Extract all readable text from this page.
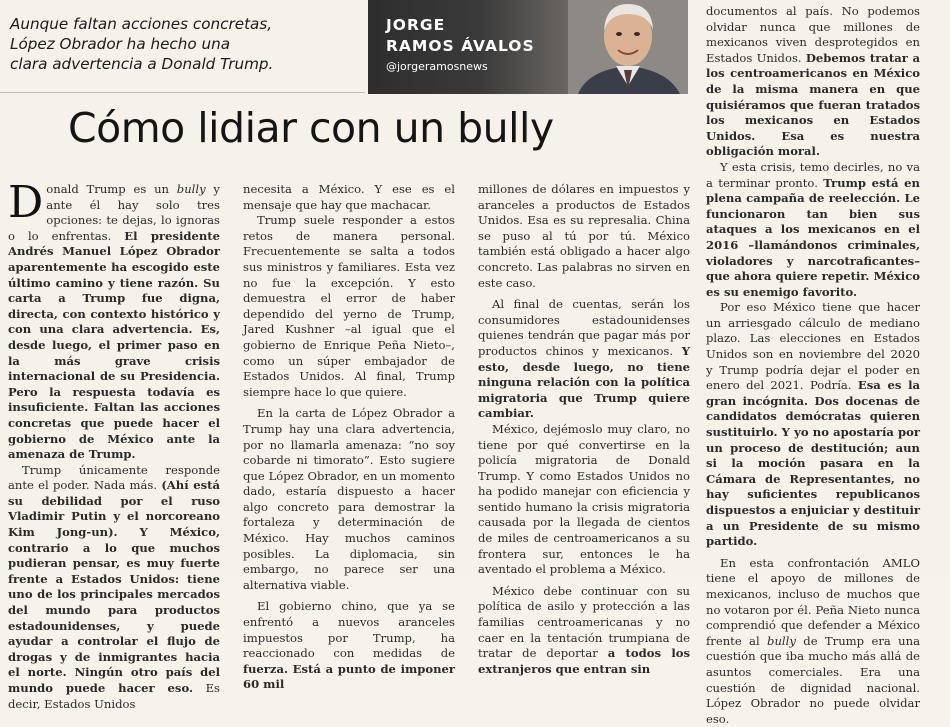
Aunque faltan acciones concretas,
López Obrador ha hecho una
clara advertencia a Donald Trump.
JORGE
RAMOS ÁVALOS
@jorgeramosnews
Cómo lidiar con un bully

Donald Trump es un bully y ante él hay solo tres opciones: te dejas, lo ignoras o lo enfrentas. El presidente Andrés Manuel López Obrador aparentemente ha escogido este último camino y tiene razón. Su carta a Trump fue digna, directa, con contexto histórico y con una clara advertencia. Es, desde luego, el primer paso en la más grave crisis internacional de su Presidencia. Pero la respuesta todavía es insuficiente. Faltan las acciones concretas que puede hacer el gobierno de México ante la amenaza de Trump.

Trump únicamente responde ante el poder. Nada más. (Ahí está su debilidad por el ruso Vladimir Putin y el norcoreano Kim Jong-un). Y México, contrario a lo que muchos pudieran pensar, es muy fuerte frente a Estados Unidos: tiene uno de los principales mercados del mundo para productos estadounidenses, y puede ayudar a controlar el flujo de drogas y de inmigrantes hacia el norte. Ningún otro país del mundo puede hacer eso. Es decir, Estados Unidos

necesita a México. Y ese es el mensaje que hay que machacar.

Trump suele responder a estos retos de manera personal. Frecuentemente se salta a todos sus ministros y familiares. Esta vez no fue la excepción. Y esto demuestra el error de haber dependido del yerno de Trump, Jared Kushner –al igual que el gobierno de Enrique Peña Nieto–, como un súper embajador de Estados Unidos. Al final, Trump siempre hace lo que quiere.

En la carta de López Obrador a Trump hay una clara advertencia, por no llamarla amenaza: “no soy cobarde ni timorato”. Esto sugiere que López Obrador, en un momento dado, estaría dispuesto a hacer algo concreto para demostrar la fortaleza y determinación de México. Hay muchos caminos posibles. La diplomacia, sin embargo, no parece ser una alternativa viable.

El gobierno chino, que ya se enfrentó a nuevos aranceles impuestos por Trump, ha reaccionado con medidas de fuerza. Está a punto de imponer 60 mil

millones de dólares en impuestos y aranceles a productos de Estados Unidos. Esa es su represalia. China se puso al tú por tú. México también está obligado a hacer algo concreto. Las palabras no sirven en este caso.

Al final de cuentas, serán los consumidores estadounidenses quienes tendrán que pagar más por productos chinos y mexicanos. Y esto, desde luego, no tiene ninguna relación con la política migratoria que Trump quiere cambiar.

México, dejémoslo muy claro, no tiene por qué convertirse en la policía migratoria de Donald Trump. Y como Estados Unidos no ha podido manejar con eficiencia y sentido humano la crisis migratoria causada por la llegada de cientos de miles de centroamericanos a su frontera sur, entonces le ha aventado el problema a México.

México debe continuar con su política de asilo y protección a las familias centroamericanas y no caer en la tentación trumpiana de tratar de deportar a todos los extranjeros que entran sin

documentos al país. No podemos olvidar nunca que millones de mexicanos viven desprotegidos en Estados Unidos. Debemos tratar a los centroamericanos en México de la misma manera en que quisiéramos que fueran tratados los mexicanos en Estados Unidos. Esa es nuestra obligación moral.

Y esta crisis, temo decirles, no va a terminar pronto. Trump está en plena campaña de reelección. Le funcionaron tan bien sus ataques a los mexicanos en el 2016 –llamándonos criminales, violadores y narcotraficantes– que ahora quiere repetir. México es su enemigo favorito.

Por eso México tiene que hacer un arriesgado cálculo de mediano plazo. Las elecciones en Estados Unidos son en noviembre del 2020 y Trump podría dejar el poder en enero del 2021. Podría. Esa es la gran incógnita. Dos docenas de candidatos demócratas quieren sustituirlo. Y yo no apostaría por un proceso de destitución; aun si la moción pasara en la Cámara de Representantes, no hay suficientes republicanos dispuestos a enjuiciar y destituir a un Presidente de su mismo partido.

En esta confrontación AMLO tiene el apoyo de millones de mexicanos, incluso de muchos que no votaron por él. Peña Nieto nunca comprendió que defender a México frente al bully de Trump era una cuestión que iba mucho más allá de asuntos comerciales. Era una cuestión de dignidad nacional. López Obrador no puede olvidar eso.
